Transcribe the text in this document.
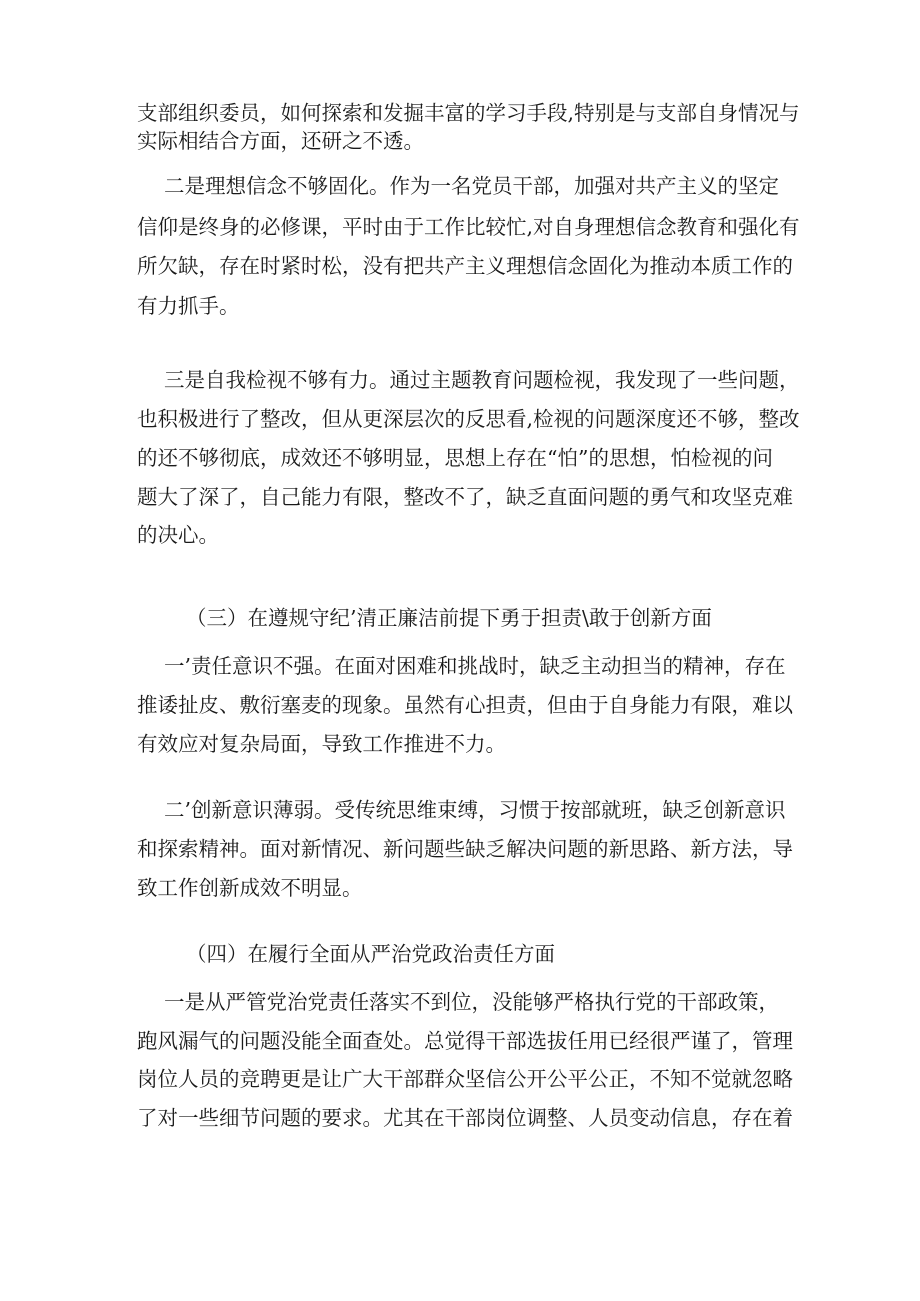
支部组织委员，如何探索和发掘丰富的学习手段,特别是与支部自身情况与
实际相结合方面，还研之不透。
二是理想信念不够固化。作为一名党员干部，加强对共产主义的坚定
信仰是终身的必修课，平时由于工作比较忙,对自身理想信念教育和强化有
所欠缺，存在时紧时松，没有把共产主义理想信念固化为推动本质工作的
有力抓手。
三是自我检视不够有力。通过主题教育问题检视，我发现了一些问题，
也积极进行了整改，但从更深层次的反思看,检视的问题深度还不够，整改
的还不够彻底，成效还不够明显，思想上存在“怕”的思想，怕检视的问
题大了深了，自己能力有限，整改不了，缺乏直面问题的勇气和攻坚克难
的决心。
（三）在遵规守纪’清正廉洁前提下勇于担责\敢于创新方面
一’责任意识不强。在面对困难和挑战时，缺乏主动担当的精神，存在
推诿扯皮、敷衍塞麦的现象。虽然有心担责，但由于自身能力有限，难以
有效应对复杂局面，导致工作推进不力。
二’创新意识薄弱。受传统思维束缚，习惯于按部就班，缺乏创新意识
和探索精神。面对新情况、新问题些缺乏解决问题的新思路、新方法，导
致工作创新成效不明显。
（四）在履行全面从严治党政治责任方面
一是从严管党治党责任落实不到位，没能够严格执行党的干部政策，
跑风漏气的问题没能全面查处。总觉得干部选拔任用已经很严谨了，管理
岗位人员的竞聘更是让广大干部群众坚信公开公平公正，不知不觉就忽略
了对一些细节问题的要求。尤其在干部岗位调整、人员变动信息，存在着
